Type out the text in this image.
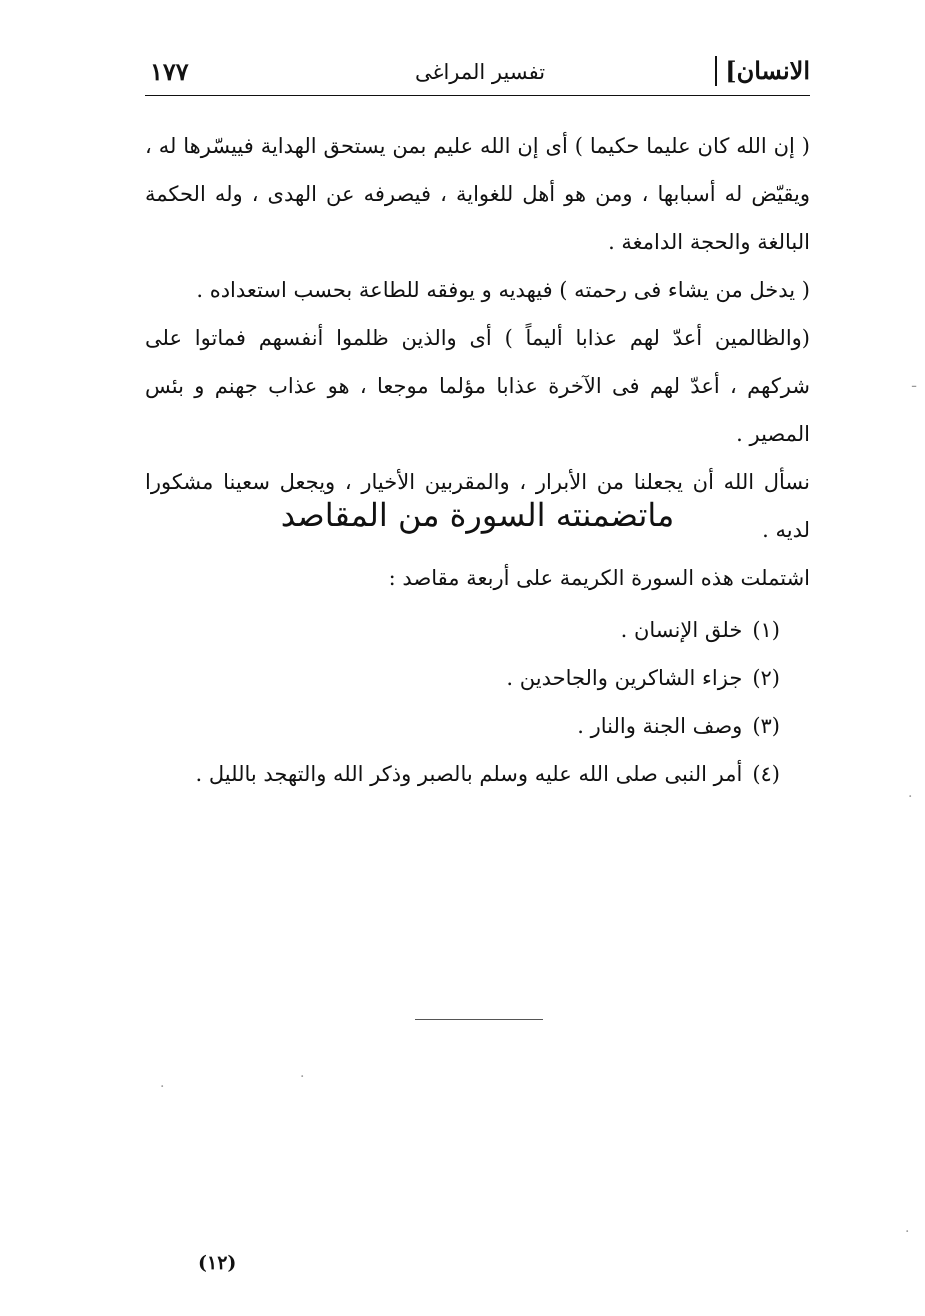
الانسان]
تفسير المراغى
١٧٧

( إن الله كان عليما حكيما ) أى إن الله عليم بمن يستحق الهداية فييسّرها له ، ويقيّض له أسبابها ، ومن هو أهل للغواية ، فيصرفه عن الهدى ، وله الحكمة البالغة والحجة الدامغة .

( يدخل من يشاء فى رحمته ) فيهديه و يوفقه للطاعة بحسب استعداده .

(والظالمين أعدّ لهم عذابا أليماً ) أى والذين ظلموا أنفسهم فماتوا على شركهم ، أعدّ لهم فى الآخرة عذابا مؤلما موجعا ، هو عذاب جهنم و بئس المصير .

نسأل الله أن يجعلنا من الأبرار ، والمقربين الأخيار ، ويجعل سعينا مشكورا لديه .

ماتضمنته السورة من المقاصد
اشتملت هذه السورة الكريمة على أربعة مقاصد :
(١)خلق الإنسان .
(٢)جزاء الشاكرين والجاحدين .
(٣)وصف الجنة والنار .
(٤)أمر النبى صلى الله عليه وسلم بالصبر وذكر الله والتهجد بالليل .
(١٢)
ـ
·
·
·
·
